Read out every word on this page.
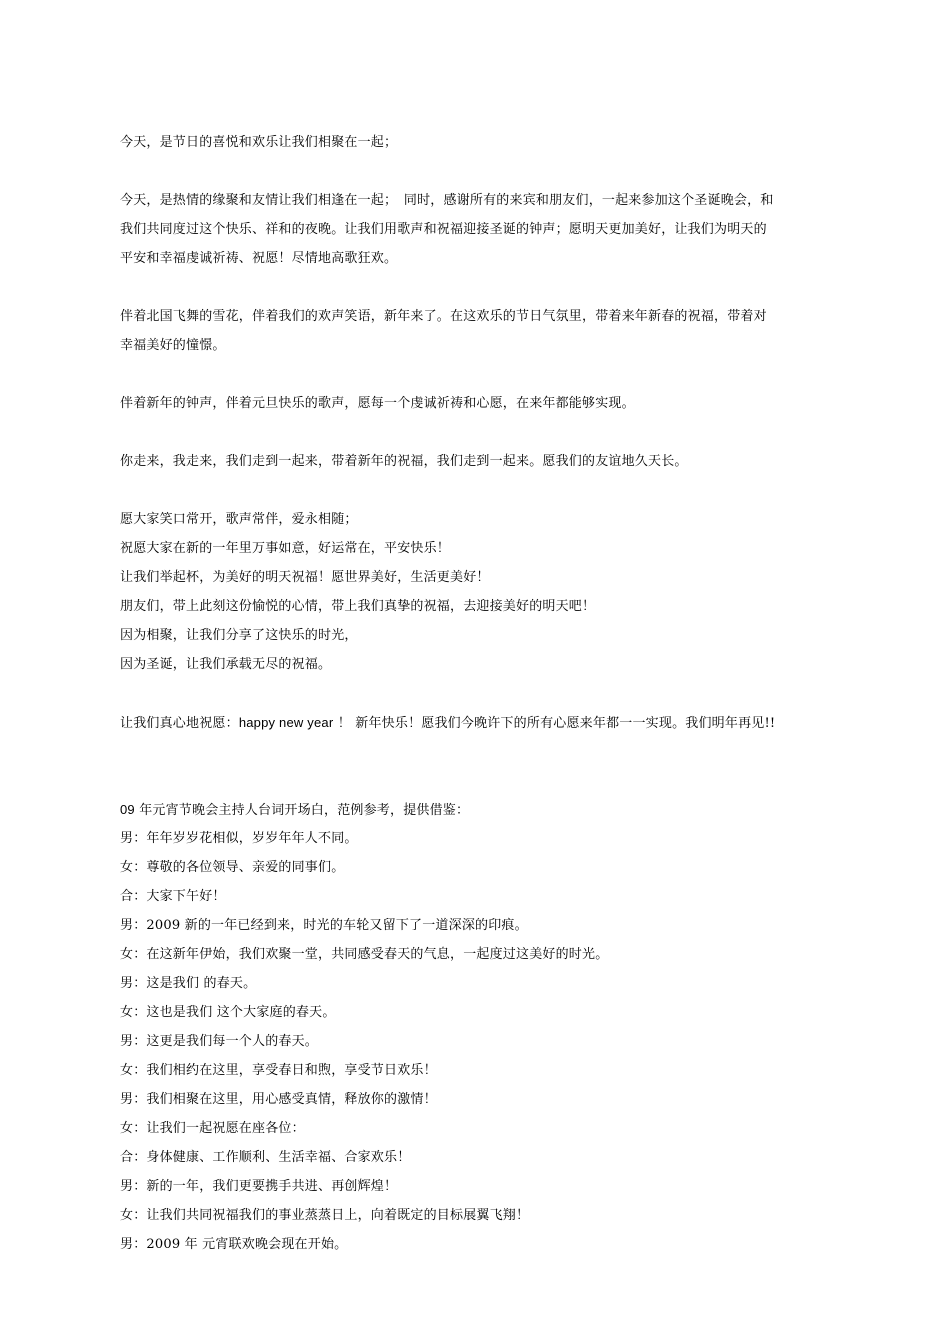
今天，是节日的喜悦和欢乐让我们相聚在一起；
今天，是热情的缘聚和友情让我们相逢在一起；　同时，感谢所有的来宾和朋友们，一起来参加这个圣诞晚会，和
我们共同度过这个快乐、祥和的夜晚。让我们用歌声和祝福迎接圣诞的钟声；愿明天更加美好，让我们为明天的
平安和幸福虔诚祈祷、祝愿！尽情地高歌狂欢。
伴着北国飞舞的雪花，伴着我们的欢声笑语，新年来了。在这欢乐的节日气氛里，带着来年新春的祝福，带着对
幸福美好的憧憬。
伴着新年的钟声，伴着元旦快乐的歌声，愿每一个虔诚祈祷和心愿，在来年都能够实现。
你走来，我走来，我们走到一起来，带着新年的祝福，我们走到一起来。愿我们的友谊地久天长。
愿大家笑口常开，歌声常伴，爱永相随；
祝愿大家在新的一年里万事如意，好运常在，平安快乐！
让我们举起杯，为美好的明天祝福！愿世界美好，生活更美好！
朋友们，带上此刻这份愉悦的心情，带上我们真挚的祝福，去迎接美好的明天吧！
因为相聚，让我们分享了这快乐的时光，
因为圣诞，让我们承载无尽的祝福。
让我们真心地祝愿：happy new year ！ 新年快乐！愿我们今晚许下的所有心愿来年都一一实现。我们明年再见!!
09 年元宵节晚会主持人台词开场白，范例参考，提供借鉴：
男：年年岁岁花相似，岁岁年年人不同。
女：尊敬的各位领导、亲爱的同事们。
合：大家下午好！
男：2009 新的一年已经到来，时光的车轮又留下了一道深深的印痕。
女：在这新年伊始，我们欢聚一堂，共同感受春天的气息，一起度过这美好的时光。
男：这是我们 的春天。
女：这也是我们 这个大家庭的春天。
男：这更是我们每一个人的春天。
女：我们相约在这里，享受春日和煦，享受节日欢乐！
男：我们相聚在这里，用心感受真情，释放你的激情！
女：让我们一起祝愿在座各位：
合：身体健康、工作顺利、生活幸福、合家欢乐！
男：新的一年，我们更要携手共进、再创辉煌！
女：让我们共同祝福我们的事业蒸蒸日上，向着既定的目标展翼飞翔！
男：2009 年 元宵联欢晚会现在开始。
